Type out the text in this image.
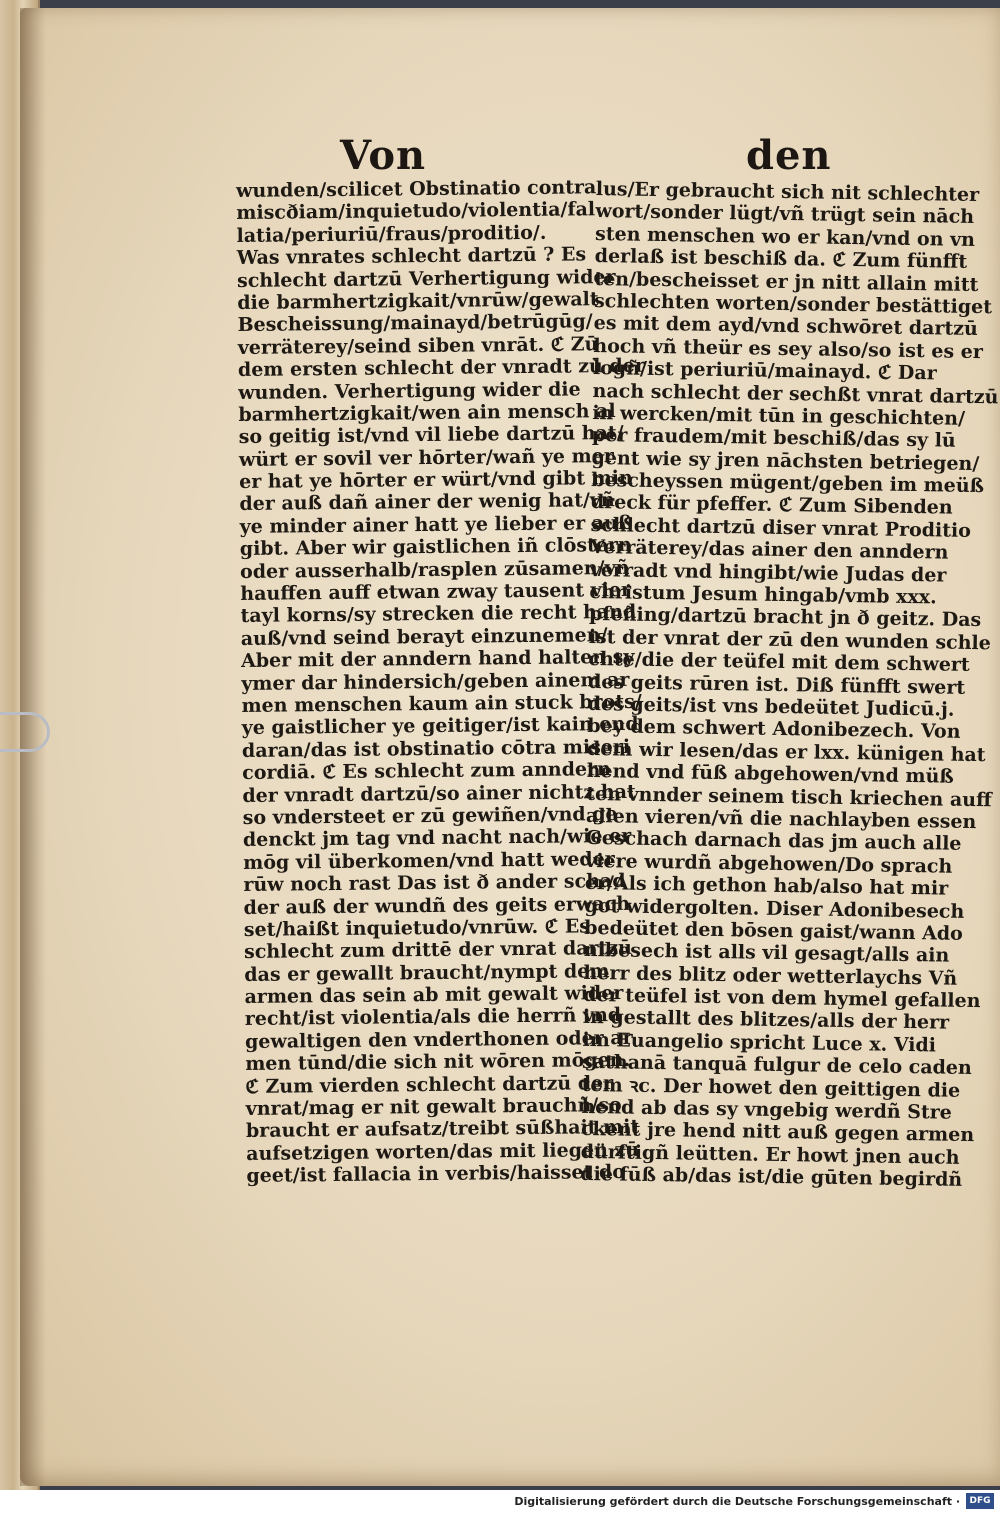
Von	den
wunden/scilicet Obstinatio contra
miscðiam/inquietudo/violentia/fal
latia/periuriū/fraus/proditio/.
Was vnrates schlecht dartzū ? Es
schlecht dartzū Verhertigung wider
die barmhertzigkait/vnrūw/gewalt
Bescheissung/mainayd/betrūgūg/
verräterey/seind siben vnrāt. ℭ Zū
dem ersten schlecht der vnradt zū der
wunden. Verhertigung wider die
barmhertzigkait/wen ain mensch al
so geitig ist/vnd vil liebe dartzū hat/
würt er sovil ver hōrter/wañ ye mer
er hat ye hōrter er würt/vnd gibt min
der auß dañ ainer der wenig hat/vñ
ye minder ainer hatt ye lieber er auß
gibt. Aber wir gaistlichen iñ clōstern
oder ausserhalb/rasplen zūsamen/vñ
hauffen auff etwan zway tausent vier
tayl korns/sy strecken die recht hand
auß/vnd seind berayt einzunemen/
Aber mit der anndern hand halten sy
ymer dar hindersich/geben ainem ar
men menschen kaum ain stuck brots/
ye gaistlicher ye geitiger/ist kain end
daran/das ist obstinatio cōtra miseri
cordiā. ℭ Es schlecht zum anndern
der vnradt dartzū/so ainer nichtz hat
so vndersteet er zū gewiñen/vnd ge
denckt jm tag vnd nacht nach/wie er
mōg vil überkomen/vnd hatt weder
rūw noch rast Das ist ð ander schad
der auß der wundñ des geits erwach
set/haißt inquietudo/vnrūw. ℭ Es
schlecht zum drittē der vnrat dartzū
das er gewallt braucht/nympt dem
armen das sein ab mit gewalt wider
recht/ist violentia/als die herrñ vnd
gewaltigen den vnderthonen oder ar
men tūnd/die sich nit wōren mōgen.
ℭ Zum vierden schlecht dartzū der
vnrat/mag er nit gewalt brauchñ/so
braucht er aufsatz/treibt sūßhait mit
aufsetzigen worten/das mit liegen zū
geet/ist fallacia in verbis/haisset do
lus/Er gebraucht sich nit schlechter
wort/sonder lügt/vñ trügt sein nāch
sten menschen wo er kan/vnd on vn
derlaß ist beschiß da. ℭ Zum fünfft
ten/bescheisset er jn nitt allain mitt
schlechten worten/sonder bestättiget
es mit dem ayd/vnd schwōret dartzū
hoch vñ theür es sey also/so ist es er
logñ/ist periuriū/mainayd. ℭ Dar
nach schlecht der sechßt vnrat dartzū
in wercken/mit tūn in geschichten/
per fraudem/mit beschiß/das sy lū
gent wie sy jren nāchsten betriegen/
bescheyssen mügent/geben im meüß
dreck für pfeffer. ℭ Zum Sibenden
schlecht dartzū diser vnrat Proditio
Verräterey/das ainer den anndern
verradt vnd hingibt/wie Judas der
christum Jesum hingab/vmb xxx.
pfeñing/dartzū bracht jn ð geitz. Das
ist der vnrat der zū den wunden schle
chte/die der teüfel mit dem schwert
des geits rūren ist. Diß fünfft swert
des geits/ist vns bedeütet Judicū.j.
bey dem schwert Adonibezech. Von
dem wir lesen/das er lxx. künigen hat
hend vnd fūß abgehowen/vnd müß
ten vnnder seinem tisch kriechen auff
allen vieren/vñ die nachlayben essen
Geschach darnach das jm auch alle
viere wurdñ abgehowen/Do sprach
er/Als ich gethon hab/also hat mir
got widergolten. Diser Adonibesech
bedeütet den bōsen gaist/wann Ado
nibesech ist alls vil gesagt/alls ain
herr des blitz oder wetterlaychs Vñ
der teüfel ist von dem hymel gefallen
in gestallt des blitzes/alls der herr
im Euangelio spricht Luce x. Vidi
sathanā tanquā fulgur de celo caden
tem ꝛc. Der howet den geittigen die
hend ab das sy vngebig werdñ Stre
ckent jre hend nitt auß gegen armen
dürftigñ leütten. Er howt jnen auch
die fūß ab/das ist/die gūten begirdñ
Digitalisierung gefördert durch die Deutsche Forschungsgemeinschaft ·	DFG
